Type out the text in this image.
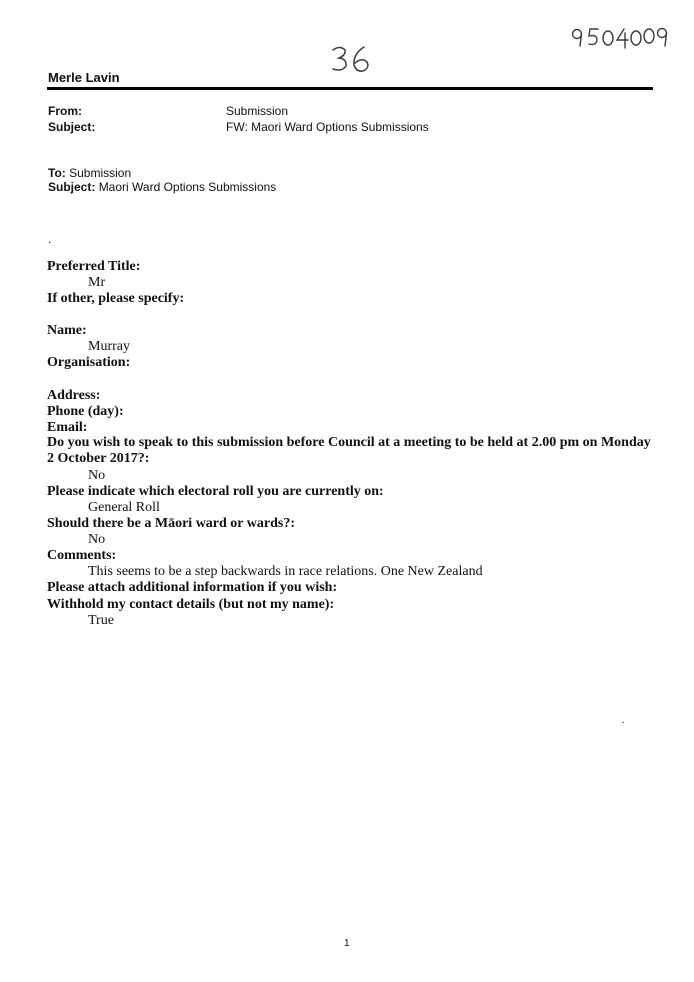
Merle Lavin
From:	Submission
Subject:	FW: Maori Ward Options Submissions
To: Submission
Subject: Maori Ward Options Submissions
.
Preferred Title:
Mr
If other, please specify:
Name:
Murray
Organisation:
Address:
Phone (day):
Email:
Do you wish to speak to this submission before Council at a meeting to be held at 2.00 pm on Monday
2 October 2017?:
No
Please indicate which electoral roll you are currently on:
General Roll
Should there be a Māori ward or wards?:
No
Comments:
This seems to be a step backwards in race relations. One New Zealand
Please attach additional information if you wish:
Withhold my contact details (but not my name):
True
1
